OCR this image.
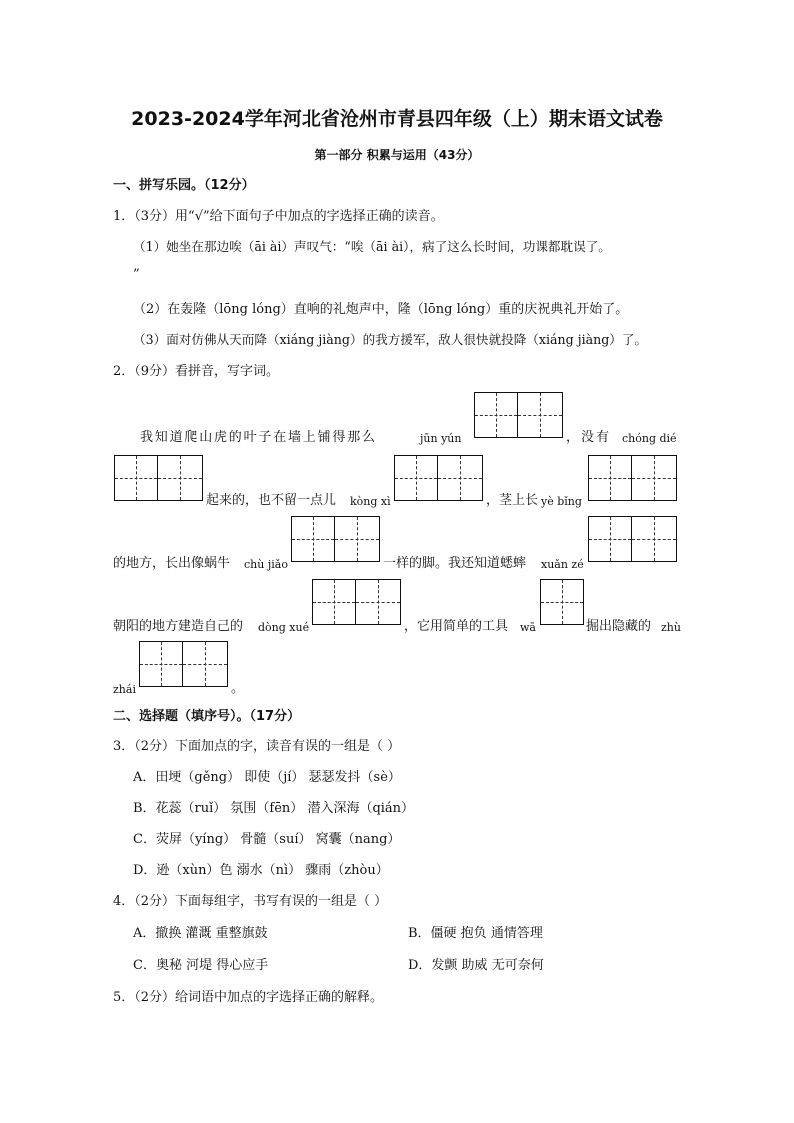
2023-2024学年河北省沧州市青县四年级（上）期末语文试卷
第一部分 积累与运用（43分）
一、拼写乐园。（12分）
1．（3分）用“√”给下面句子中加点的字选择正确的读音。
（1）她坐在那边唉（āi ài）声叹气：“唉（āi ài），病了这么长时间，功课都耽误了。
”
（2）在轰隆（lōng lóng）直响的礼炮声中，隆（lōng lóng）重的庆祝典礼开始了。
（3）面对仿佛从天而降（xiáng jiàng）的我方援军，敌人很快就投降（xiáng jiàng）了。
2．（9分）看拼音，写字词。
我知道爬山虎的叶子在墙上铺得那么	jūn yún	，没有 chóng dié
起来的，也不留一点儿 kòng xì	，茎上长 yè bǐng
的地方，长出像蜗牛 chù jiǎo	一样的脚。我还知道蟋蟀 xuǎn zé
朝阳的地方建造自己的 dòng xué	，它用简单的工具 wā	掘出隐藏的 zhù
zhái	。
二、选择题（填序号）。（17分）
3．（2分）下面加点的字，读音有误的一组是（ ）
A．田埂（gěng） 即使（jí） 瑟瑟发抖（sè）
B．花蕊（ruǐ） 氛围（fēn） 潜入深海（qián）
C．荧屏（yíng） 骨髓（suí） 窝囊（nang）
D．逊（xùn）色 溺水（nì） 骤雨（zhòu）
4．（2分）下面每组字，书写有误的一组是（ ）
A．撤换 灌溉 重整旗鼓	B．僵硬 抱负 通情答理
C．奥秘 河堤 得心应手	D．发颤 助威 无可奈何
5．（2分）给词语中加点的字选择正确的解释。
